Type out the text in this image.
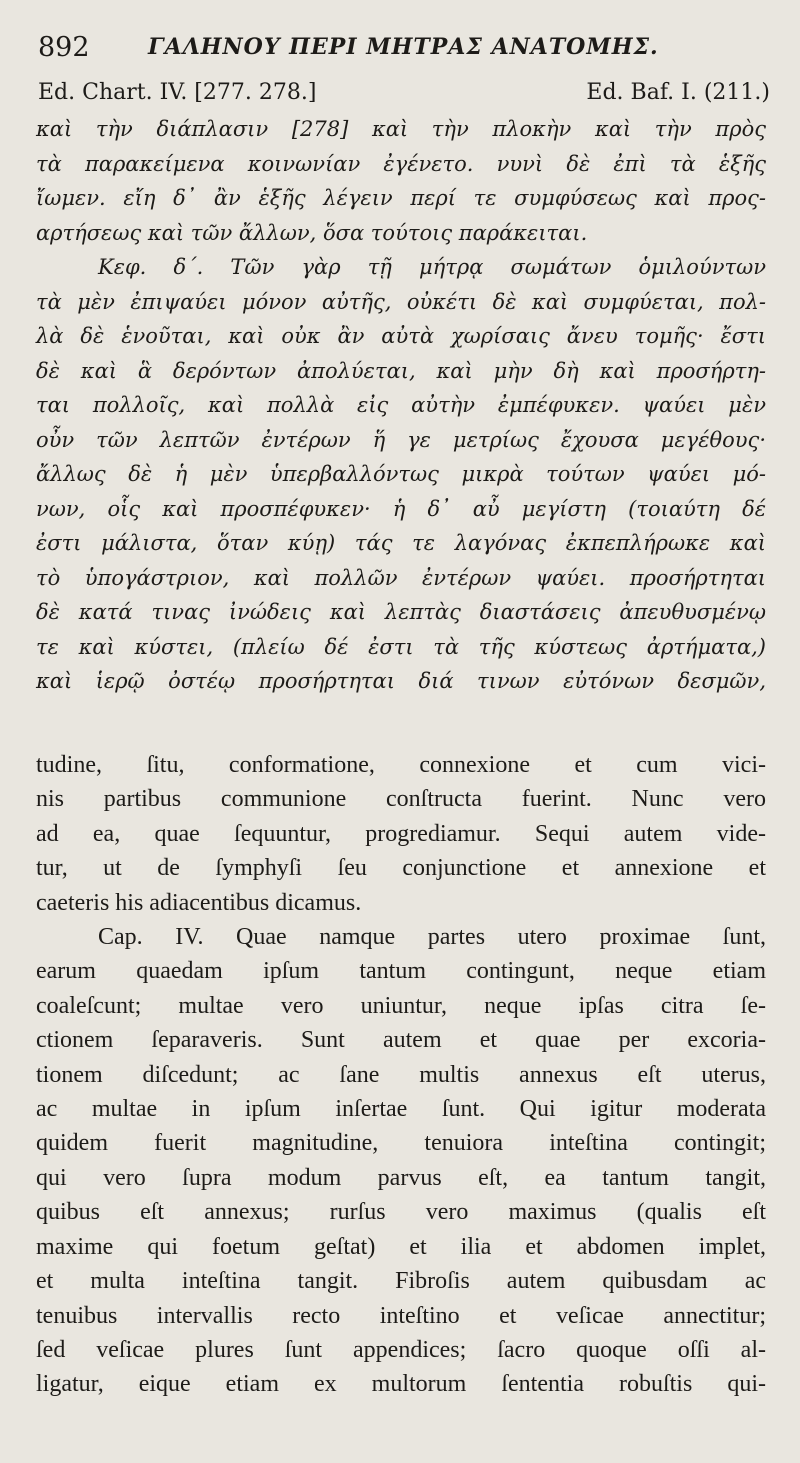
892	ΓΑΛΗΝΟΥ ΠΕΡΙ ΜΗΤΡΑΣ ΑΝΑΤΟΜΗΣ.
Ed. Chart. IV. [277. 278.]	Ed. Baf. I. (211.)
καὶ τὴν διάπλασιν [278] καὶ τὴν πλοκὴν καὶ τὴν πρὸς
τὰ παρακείμενα κοινωνίαν ἐγένετο. νυνὶ δὲ ἐπὶ τὰ ἑξῆς
ἴωμεν. εἴη δ᾽ ἂν ἑξῆς λέγειν περί τε συμφύσεως καὶ προς-
αρτήσεως καὶ τῶν ἄλλων, ὅσα τούτοις παράκειται.
Κεφ. δ΄. Τῶν γὰρ τῇ μήτρᾳ σωμάτων ὁμιλούντων
τὰ μὲν ἐπιψαύει μόνον αὐτῆς, οὐκέτι δὲ καὶ συμφύεται, πολ-
λὰ δὲ ἑνοῦται, καὶ οὐκ ἂν αὐτὰ χωρίσαις ἄνευ τομῆς· ἔστι
δὲ καὶ ἃ δερόντων ἀπολύεται, καὶ μὴν δὴ καὶ προσήρτη-
ται πολλοῖς, καὶ πολλὰ εἰς αὐτὴν ἐμπέφυκεν. ψαύει μὲν
οὖν τῶν λεπτῶν ἐντέρων ἥ γε μετρίως ἔχουσα μεγέθους·
ἄλλως δὲ ἡ μὲν ὑπερβαλλόντως μικρὰ τούτων ψαύει μό-
νων, οἷς καὶ προσπέφυκεν· ἡ δ᾽ αὖ μεγίστη (τοιαύτη δέ
ἐστι μάλιστα, ὅταν κύῃ) τάς τε λαγόνας ἐκπεπλήρωκε καὶ
τὸ ὑπογάστριον, καὶ πολλῶν ἐντέρων ψαύει. προσήρτηται
δὲ κατά τινας ἰνώδεις καὶ λεπτὰς διαστάσεις ἀπευθυσμένῳ
τε καὶ κύστει, (πλείω δέ ἐστι τὰ τῆς κύστεως ἀρτήματα,)
καὶ ἱερῷ ὀστέῳ προσήρτηται διά τινων εὐτόνων δεσμῶν,
tudine, ſitu, conformatione, connexione et cum vici-
nis partibus communione conſtructa fuerint. Nunc vero
ad ea, quae ſequuntur, progrediamur. Sequi autem vide-
tur, ut de ſymphyſi ſeu conjunctione et annexione et
caeteris his adiacentibus dicamus.
Cap. IV. Quae namque partes utero proximae ſunt,
earum quaedam ipſum tantum contingunt, neque etiam
coaleſcunt; multae vero uniuntur, neque ipſas citra ſe-
ctionem ſeparaveris. Sunt autem et quae per excoria-
tionem diſcedunt; ac ſane multis annexus eſt uterus,
ac multae in ipſum inſertae ſunt. Qui igitur moderata
quidem fuerit magnitudine, tenuiora inteſtina contingit;
qui vero ſupra modum parvus eſt, ea tantum tangit,
quibus eſt annexus; rurſus vero maximus (qualis eſt
maxime qui foetum geſtat) et ilia et abdomen implet,
et multa inteſtina tangit. Fibroſis autem quibusdam ac
tenuibus intervallis recto inteſtino et veſicae annectitur;
ſed veſicae plures ſunt appendices; ſacro quoque oſſi al-
ligatur, eique etiam ex multorum ſententia robuſtis qui-
